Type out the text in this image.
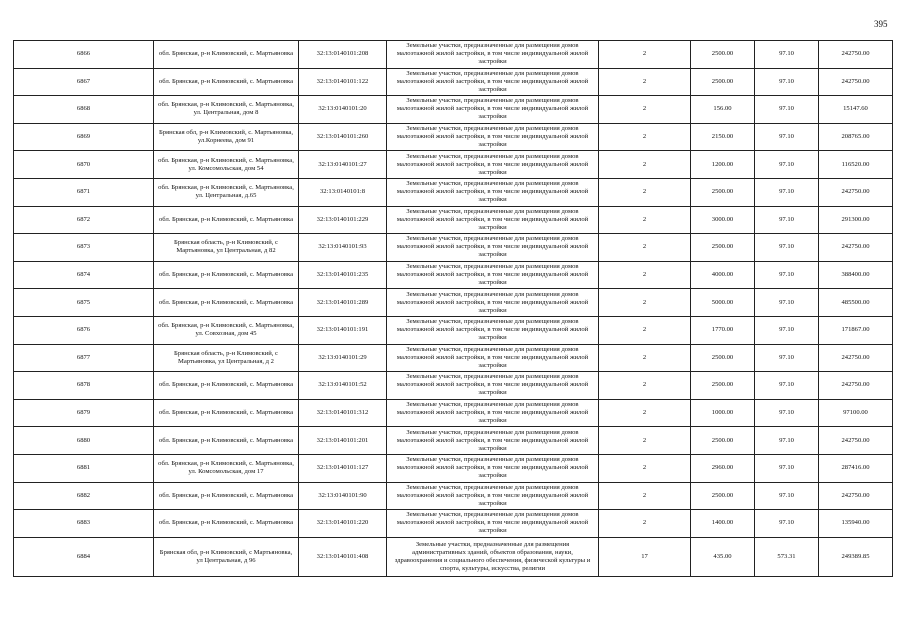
395
6866	обл. Брянская, р-н Климовский, с. Мартьяновка	32:13:0140101:208	Земельные участки, предназначенные для размещения домов малоэтажной жилой застройки, в том числе индивидуальной жилой застройки	2	2500.00	97.10	242750.00
6867	обл. Брянская, р-н Климовский, с. Мартьяновка	32:13:0140101:122	Земельные участки, предназначенные для размещения домов малоэтажной жилой застройки, в том числе индивидуальной жилой застройки	2	2500.00	97.10	242750.00
6868	обл. Брянская, р-н Климовский, с. Мартьяновка, ул. Центральная, дом 8	32:13:0140101:20	Земельные участки, предназначенные для размещения домов малоэтажной жилой застройки, в том числе индивидуальной жилой застройки	2	156.00	97.10	15147.60
6869	Брянская обл, р-н Климовский, с. Мартьяновка, ул.Корнеева, дом 91	32:13:0140101:260	Земельные участки, предназначенные для размещения домов малоэтажной жилой застройки, в том числе индивидуальной жилой застройки	2	2150.00	97.10	208765.00
6870	обл. Брянская, р-н Климовский, с. Мартьяновка, ул. Комсомольская, дом 54	32:13:0140101:27	Земельные участки, предназначенные для размещения домов малоэтажной жилой застройки, в том числе индивидуальной жилой застройки	2	1200.00	97.10	116520.00
6871	обл. Брянская, р-н Климовский, с. Мартьяновка, ул. Центральная, д.65	32:13:0140101:8	Земельные участки, предназначенные для размещения домов малоэтажной жилой застройки, в том числе индивидуальной жилой застройки	2	2500.00	97.10	242750.00
6872	обл. Брянская, р-н Климовский, с. Мартьяновка	32:13:0140101:229	Земельные участки, предназначенные для размещения домов малоэтажной жилой застройки, в том числе индивидуальной жилой застройки	2	3000.00	97.10	291300.00
6873	Брянская область, р-н Климовский, с Мартьяновка, ул Центральная, д 82	32:13:0140101:93	Земельные участки, предназначенные для размещения домов малоэтажной жилой застройки, в том числе индивидуальной жилой застройки	2	2500.00	97.10	242750.00
6874	обл. Брянская, р-н Климовский, с. Мартьяновка	32:13:0140101:235	Земельные участки, предназначенные для размещения домов малоэтажной жилой застройки, в том числе индивидуальной жилой застройки	2	4000.00	97.10	388400.00
6875	обл. Брянская, р-н Климовский, с. Мартьяновка	32:13:0140101:289	Земельные участки, предназначенные для размещения домов малоэтажной жилой застройки, в том числе индивидуальной жилой застройки	2	5000.00	97.10	485500.00
6876	обл. Брянская, р-н Климовский, с. Мартьяновка, ул. Совхозная, дом 45	32:13:0140101:191	Земельные участки, предназначенные для размещения домов малоэтажной жилой застройки, в том числе индивидуальной жилой застройки	2	1770.00	97.10	171867.00
6877	Брянская область, р-н Климовский, с Мартьяновка, ул Центральная, д 2	32:13:0140101:29	Земельные участки, предназначенные для размещения домов малоэтажной жилой застройки, в том числе индивидуальной жилой застройки	2	2500.00	97.10	242750.00
6878	обл. Брянская, р-н Климовский, с. Мартьяновка	32:13:0140101:52	Земельные участки, предназначенные для размещения домов малоэтажной жилой застройки, в том числе индивидуальной жилой застройки	2	2500.00	97.10	242750.00
6879	обл. Брянская, р-н Климовский, с. Мартьяновка	32:13:0140101:312	Земельные участки, предназначенные для размещения домов малоэтажной жилой застройки, в том числе индивидуальной жилой застройки	2	1000.00	97.10	97100.00
6880	обл. Брянская, р-н Климовский, с. Мартьяновка	32:13:0140101:201	Земельные участки, предназначенные для размещения домов малоэтажной жилой застройки, в том числе индивидуальной жилой застройки	2	2500.00	97.10	242750.00
6881	обл. Брянская, р-н Климовский, с. Мартьяновка, ул. Комсомольская, дом 17	32:13:0140101:127	Земельные участки, предназначенные для размещения домов малоэтажной жилой застройки, в том числе индивидуальной жилой застройки	2	2960.00	97.10	287416.00
6882	обл. Брянская, р-н Климовский, с. Мартьяновка	32:13:0140101:90	Земельные участки, предназначенные для размещения домов малоэтажной жилой застройки, в том числе индивидуальной жилой застройки	2	2500.00	97.10	242750.00
6883	обл. Брянская, р-н Климовский, с. Мартьяновка	32:13:0140101:220	Земельные участки, предназначенные для размещения домов малоэтажной жилой застройки, в том числе индивидуальной жилой застройки	2	1400.00	97.10	135940.00
6884	Брянская обл, р-н Климовский, с Мартьяновка, ул Центральная, д 96	32:13:0140101:408	Земельные участки, предназначенные для размещения административных зданий, объектов образования, науки, здравоохранения и социального обеспечения, физической культуры и спорта, культуры, искусства, религии	17	435.00	573.31	249389.85
